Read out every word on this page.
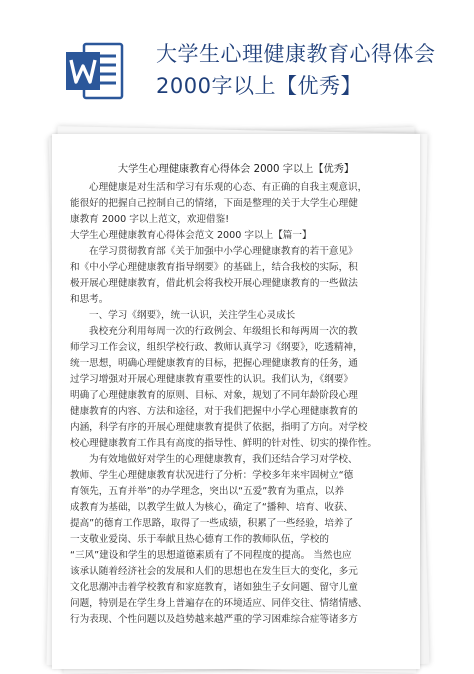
大学生心理健康教育心得体会
2000字以上【优秀】
大学生心理健康教育心得体会 2000 字以上【优秀】
心理健康是对生活和学习有乐观的心态、有正确的自我主观意识，
能很好的把握自己控制自己的情绪，下面是整理的关于大学生心理健
康教育 2000 字以上范文，欢迎借鉴!
大学生心理健康教育心得体会范文 2000 字以上【篇一】
在学习贯彻教育部《关于加强中小学心理健康教育的若干意见》
和《中小学心理健康教育指导纲要》的基础上，结合我校的实际，积
极开展心理健康教育，借此机会将我校开展心理健康教育的一些做法
和思考。
一、学习《纲要》，统一认识，关注学生心灵成长
我校充分利用每周一次的行政例会、年级组长和每两周一次的教
师学习工作会议，组织学校行政、教师认真学习《纲要》，吃透精神，
统一思想，明确心理健康教育的目标，把握心理健康教育的任务，通
过学习增强对开展心理健康教育重要性的认识。我们认为，《纲要》
明确了心理健康教育的原则、目标、对象，规划了不同年龄阶段心理
健康教育的内容、方法和途径，对于我们把握中小学心理健康教育的
内涵，科学有序的开展心理健康教育提供了依据，指明了方向。对学校
校心理健康教育工作具有高度的指导性、鲜明的针对性、切实的操作性。
为有效地做好对学生的心理健康教育，我们还结合学习对学校、
教师、学生心理健康教育状况进行了分析：学校多年来牢固树立“德
育领先，五育并举”的办学理念，突出以“五爱”教育为重点，以养
成教育为基础，以教学生做人为核心，确定了“播种、培育、收获、
提高”的德育工作思路，取得了一些成绩，积累了一些经验，培养了
一支敬业爱岗、乐于奉献且热心德育工作的教师队伍，学校的
“三风”建设和学生的思想道德素质有了不同程度的提高。 当然也应
该承认随着经济社会的发展和人们的思想也在发生巨大的变化，多元
文化思潮冲击着学校教育和家庭教育，诸如独生子女问题、留守儿童
问题，特别是在学生身上普遍存在的环境适应、同伴交往、情绪情感、
行为表现、个性问题以及趋势越来越严重的学习困难综合症等诸多方
